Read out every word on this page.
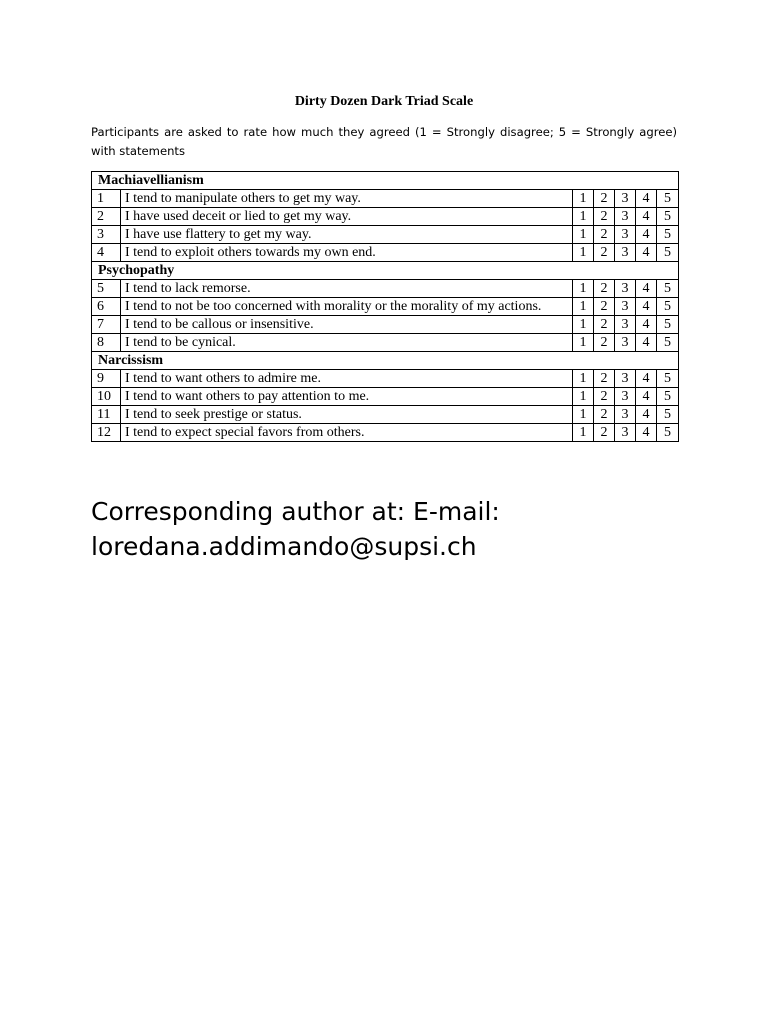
Dirty Dozen Dark Triad Scale
Participants are asked to rate how much they agreed (1 = Strongly disagree; 5 = Strongly agree) with statements
Machiavellianism						
1	I tend to manipulate others to get my way.	1	2	3	4	5
2	I have used deceit or lied to get my way.	1	2	3	4	5
3	I have use flattery to get my way.	1	2	3	4	5
4	I tend to exploit others towards my own end.	1	2	3	4	5
Psychopathy						
5	I tend to lack remorse.	1	2	3	4	5
6	I tend to not be too concerned with morality or the morality of my actions.	1	2	3	4	5
7	I tend to be callous or insensitive.	1	2	3	4	5
8	I tend to be cynical.	1	2	3	4	5
Narcissism						
9	I tend to want others to admire me.	1	2	3	4	5
10	I tend to want others to pay attention to me.	1	2	3	4	5
11	I tend to seek prestige or status.	1	2	3	4	5
12	I tend to expect special favors from others.	1	2	3	4	5
Corresponding author at: E-mail: loredana.addimando@supsi.ch
